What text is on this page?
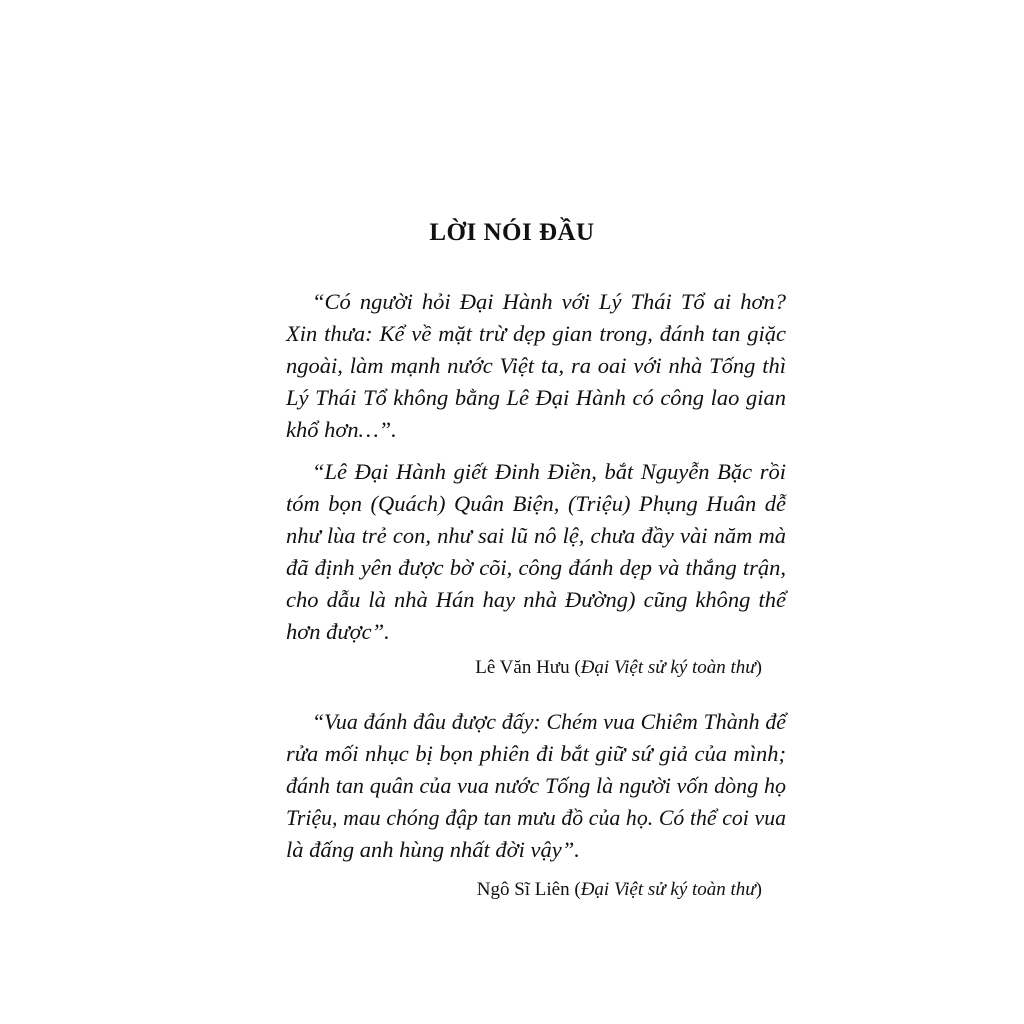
LỜI NÓI ĐẦU
“Có người hỏi Đại Hành với Lý Thái Tổ ai hơn?
Xin thưa: Kể về mặt trừ dẹp gian trong, đánh tan giặc
ngoài, làm mạnh nước Việt ta, ra oai với nhà Tống thì
Lý Thái Tổ không bằng Lê Đại Hành có công lao gian
khổ hơn…”.
“Lê Đại Hành giết Đinh Điền, bắt Nguyễn Bặc rồi
tóm bọn (Quách) Quân Biện, (Triệu) Phụng Huân dễ
như lùa trẻ con, như sai lũ nô lệ, chưa đầy vài năm mà
đã định yên được bờ cõi, công đánh dẹp và thắng trận,
cho dẫu là nhà Hán hay nhà Đường) cũng không thể
hơn được”.

Lê Văn Hưu (Đại Việt sử ký toàn thư)

“Vua đánh đâu được đấy: Chém vua Chiêm Thành để
rửa mối nhục bị bọn phiên đi bắt giữ sứ giả của mình;
đánh tan quân của vua nước Tống là người vốn dòng họ
Triệu, mau chóng đập tan mưu đồ của họ. Có thể coi vua
là đấng anh hùng nhất đời vậy”.

Ngô Sĩ Liên (Đại Việt sử ký toàn thư)
